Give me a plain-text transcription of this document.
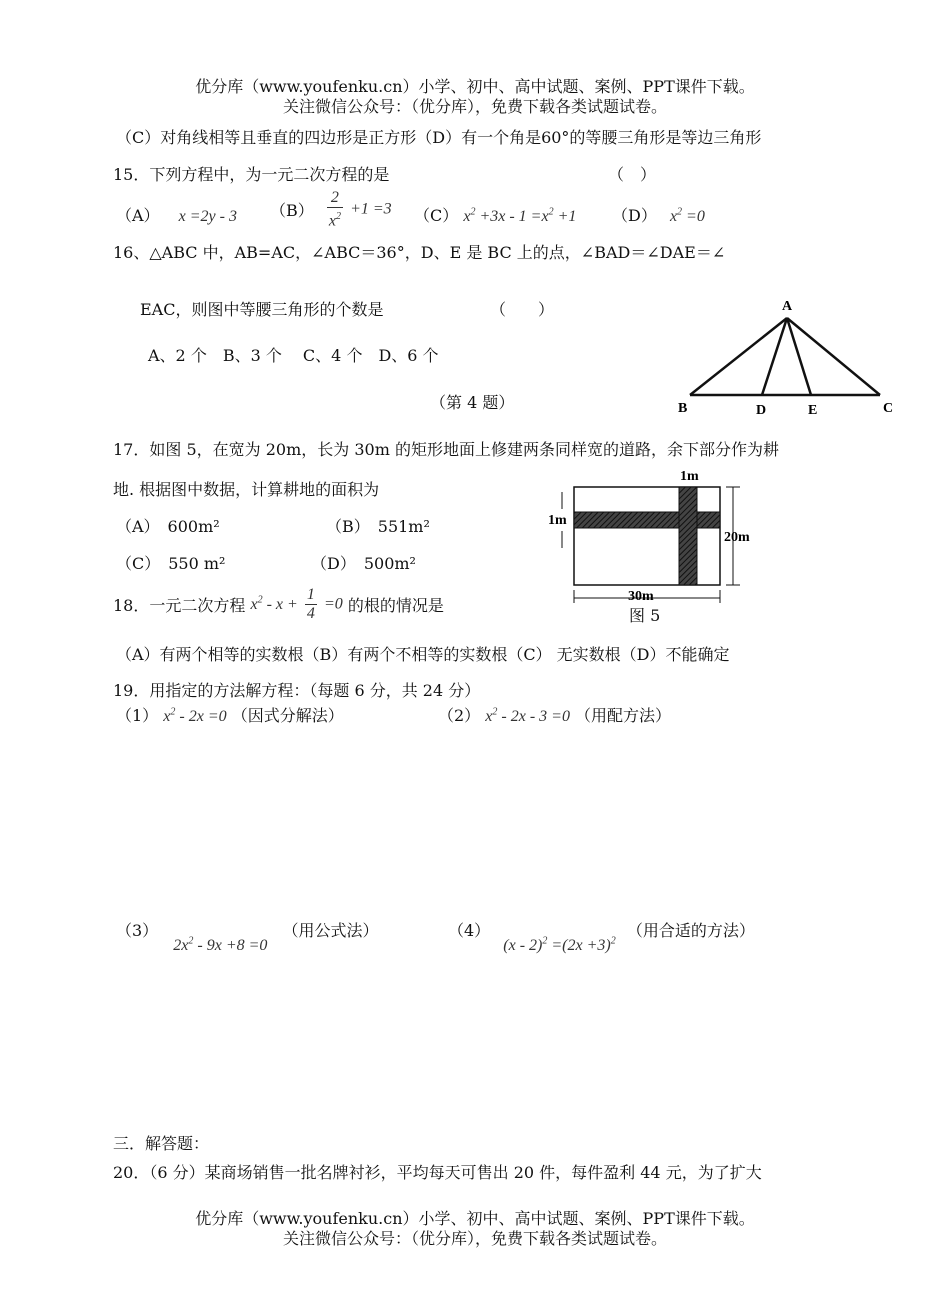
优分库（www.youfenku.cn）小学、初中、高中试题、案例、PPT课件下载。
关注微信公众号：（优分库），免费下载各类试题试卷。
（C）对角线相等且垂直的四边形是正方形（D）有一个角是60°的等腰三角形是等边三角形
15．下列方程中，为一元二次方程的是	（　）
（A） x =2y - 3 $(B) \frac{2}{x^2} +1 =3$ （C） $x^2 +3x - 1 =x^2 +1$ （D） $x^2 =0$
16、△ABC 中，AB=AC，∠ABC＝36°，D、E 是 BC 上的点，∠BAD＝∠DAE＝∠
EAC，则图中等腰三角形的个数是	（　　）
A、2 个　B、3 个　 C、4 个　D、6 个
（第 4 题）
A
B	D	E	C
17．如图 5，在宽为 20m，长为 30m 的矩形地面上修建两条同样宽的道路，余下部分作为耕
地. 根据图中数据，计算耕地的面积为
（A）　600m²	（B）　551m²
（C）　550 m²	（D）　500m²
1m
1m
20m
30m
图 5
18．一元二次方程 $x^2 - x + \frac{1}{4} =0$ 的根的情况是
（A）有两个相等的实数根（B）有两个不相等的实数根（C） 无实数根（D）不能确定
19．用指定的方法解方程：（每题 6 分，共 24 分）
（1） $x^2 - 2x =0$ （因式分解法）	（2） $x^2 - 2x - 3 =0$ （用配方法）
（3） $2x^2 - 9x +8 =0$ （用公式法）	（4） $(x - 2)^2 =(2x +3)^2$ （用合适的方法）
三．解答题：
20．（6 分）某商场销售一批名牌衬衫，平均每天可售出 20 件，每件盈利 44 元，为了扩大
优分库（www.youfenku.cn）小学、初中、高中试题、案例、PPT课件下载。
关注微信公众号：（优分库），免费下载各类试题试卷。
